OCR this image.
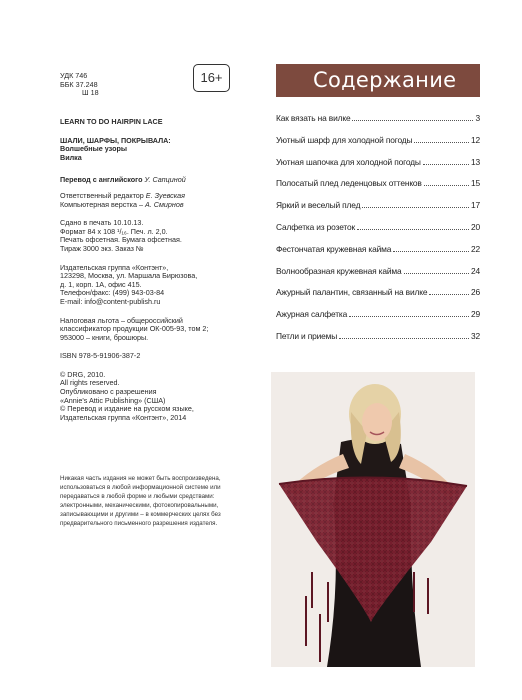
УДК 746
ББК 37.248
Ш 18
16+
LEARN TO DO HAIRPIN LACE
ШАЛИ, ШАРФЫ, ПОКРЫВАЛА:
Волшебные узоры
Вилка
Перевод с английского У. Сапциной
Ответственный редактор Е. Зуевская
Компьютерная верстка – А. Смирнов
Сдано в печать 10.10.13.
Формат 84 х 108 ¹/₁₆. Печ. л. 2,0.
Печать офсетная. Бумага офсетная.
Тираж 3000 экз. Заказ №
Издательская группа «Контэнт»,
123298, Москва, ул. Маршала Бирюзова,
д. 1, корп. 1А, офис 415.
Телефон/факс: (499) 943-03-84
E-mail: info@content-publish.ru
Налоговая льгота – общероссийский
классификатор продукции ОК-005-93, том 2;
953000 – книги, брошюры.
ISBN 978-5-91906-387-2
© DRG, 2010.
All rights reserved.
Опубликовано с разрешения
«Annie's Attic Publishing» (США)
© Перевод и издание на русском языке,
Издательская группа «Контэнт», 2014
Никакая часть издания не может быть воспроизведена,
использоваться в любой информационной системе или
передаваться в любой форме и любыми средствами:
электронными, механическими, фотокопировальными,
записывающими и другими – в коммерческих целях без
предварительного письменного разрешения издателя.
Содержание
Как вязать на вилке	3
Уютный шарф для холодной погоды	12
Уютная шапочка для холодной погоды	13
Полосатый плед леденцовых оттенков	15
Яркий и веселый плед	17
Салфетка из розеток	20
Фестончатая кружевная кайма	22
Волнообразная кружевная кайма	24
Ажурный палантин, связанный на вилке	26
Ажурная салфетка	29
Петли и приемы	32
